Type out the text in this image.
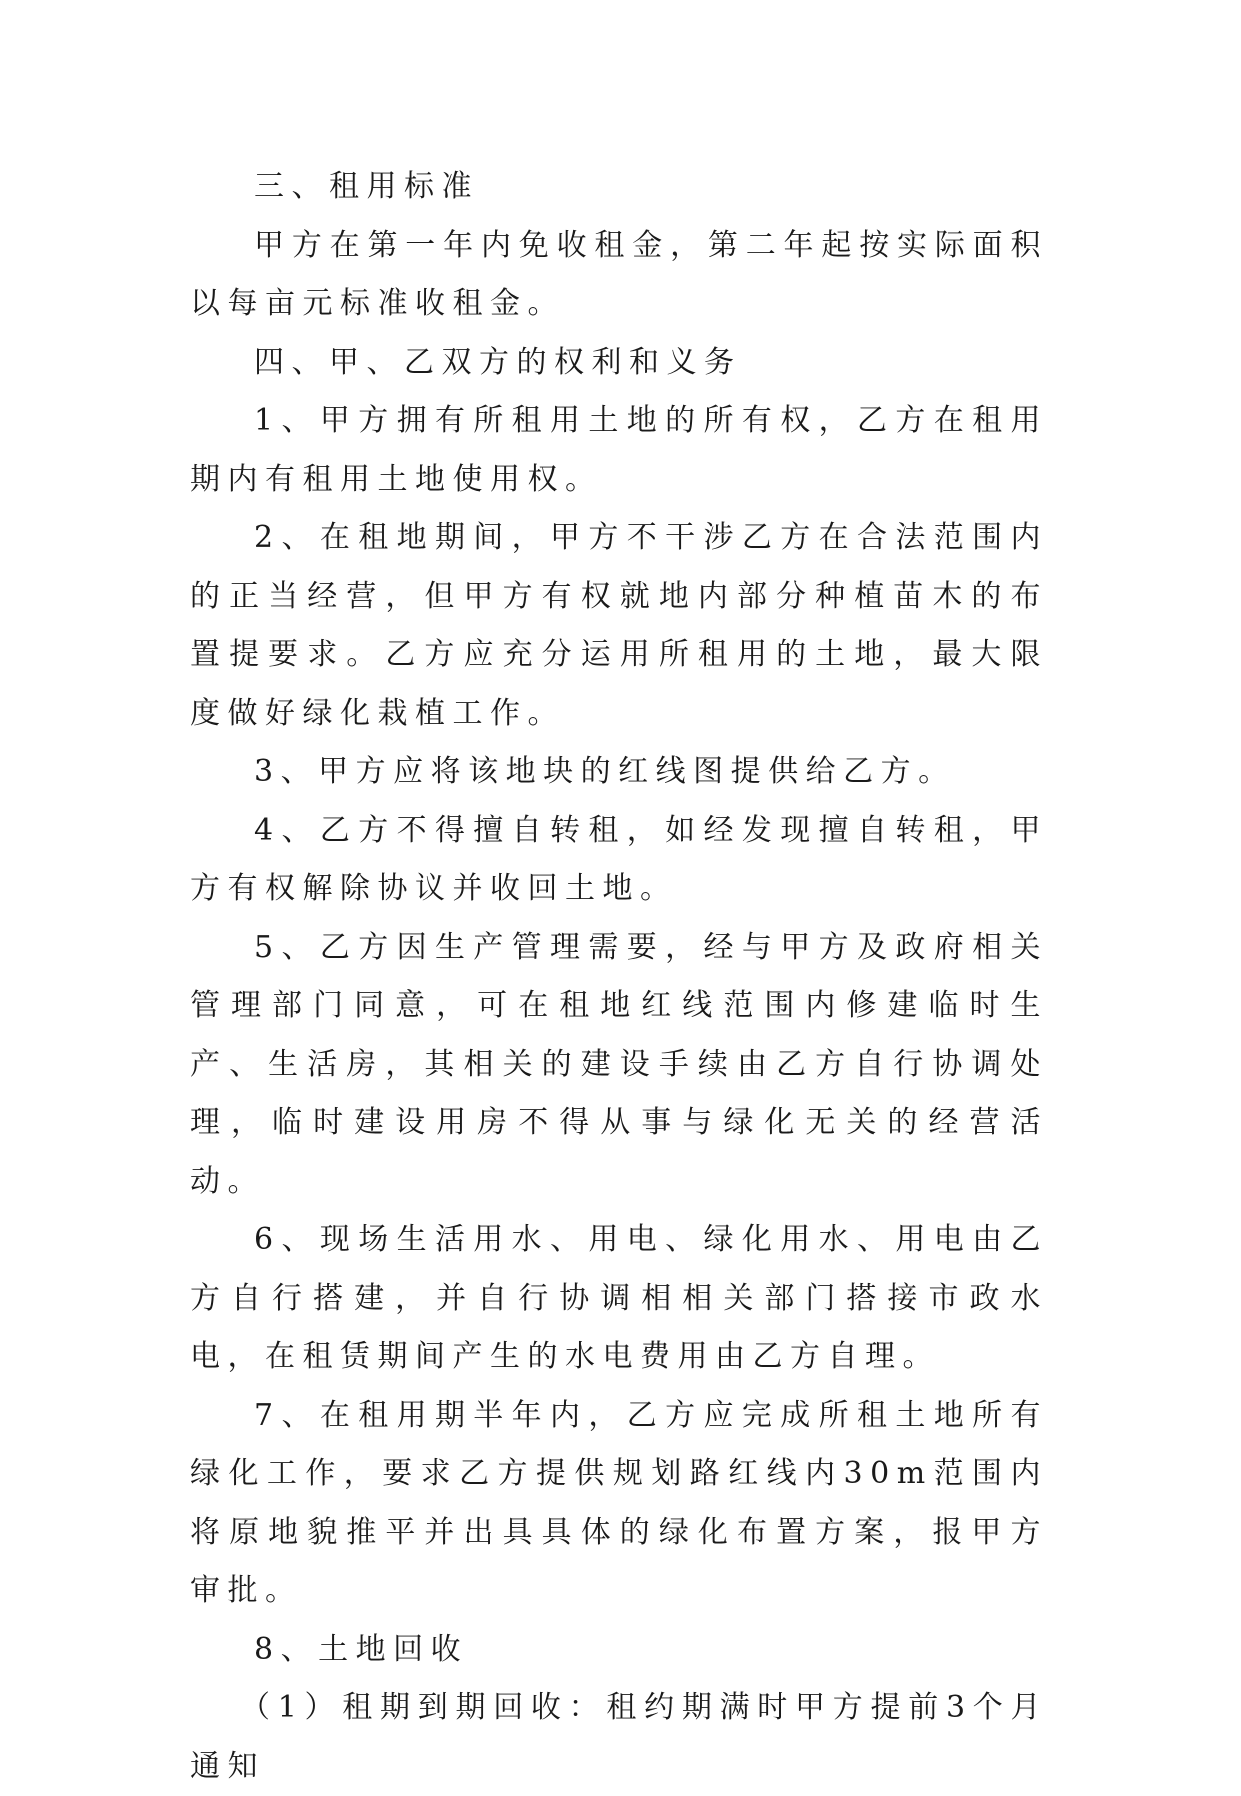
三、租用标准

甲方在第一年内免收租金，第二年起按实际面积以每亩元标准收租金。

四、甲、乙双方的权利和义务

1、甲方拥有所租用土地的所有权，乙方在租用期内有租用土地使用权。

2、在租地期间，甲方不干涉乙方在合法范围内的正当经营，但甲方有权就地内部分种植苗木的布置提要求。乙方应充分运用所租用的土地，最大限度做好绿化栽植工作。

3、甲方应将该地块的红线图提供给乙方。

4、乙方不得擅自转租，如经发现擅自转租，甲方有权解除协议并收回土地。

5、乙方因生产管理需要，经与甲方及政府相关管理部门同意，可在租地红线范围内修建临时生产、生活房，其相关的建设手续由乙方自行协调处理，临时建设用房不得从事与绿化无关的经营活动。

6、现场生活用水、用电、绿化用水、用电由乙方自行搭建，并自行协调相相关部门搭接市政水电，在租赁期间产生的水电费用由乙方自理。

7、在租用期半年内，乙方应完成所租土地所有绿化工作，要求乙方提供规划路红线内30m范围内将原地貌推平并出具具体的绿化布置方案，报甲方审批。

8、土地回收

（1）租期到期回收：租约期满时甲方提前3个月通知
